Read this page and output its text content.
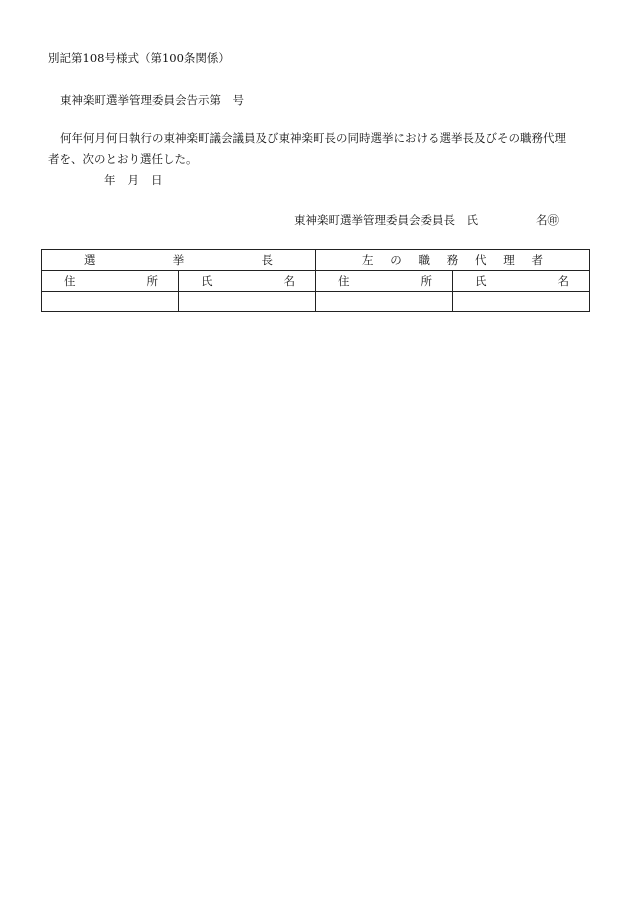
別記第108号様式（第100条関係）
東神楽町選挙管理委員会告示第　号
何年何月何日執行の東神楽町議会議員及び東神楽町長の同時選挙における選挙長及びその職務代理
者を、次のとおり選任した。
年 月 日
東神楽町選挙管理委員会委員長　氏	名㊞
選挙長		左の職務代理者	
住所	氏名	住所	氏名
